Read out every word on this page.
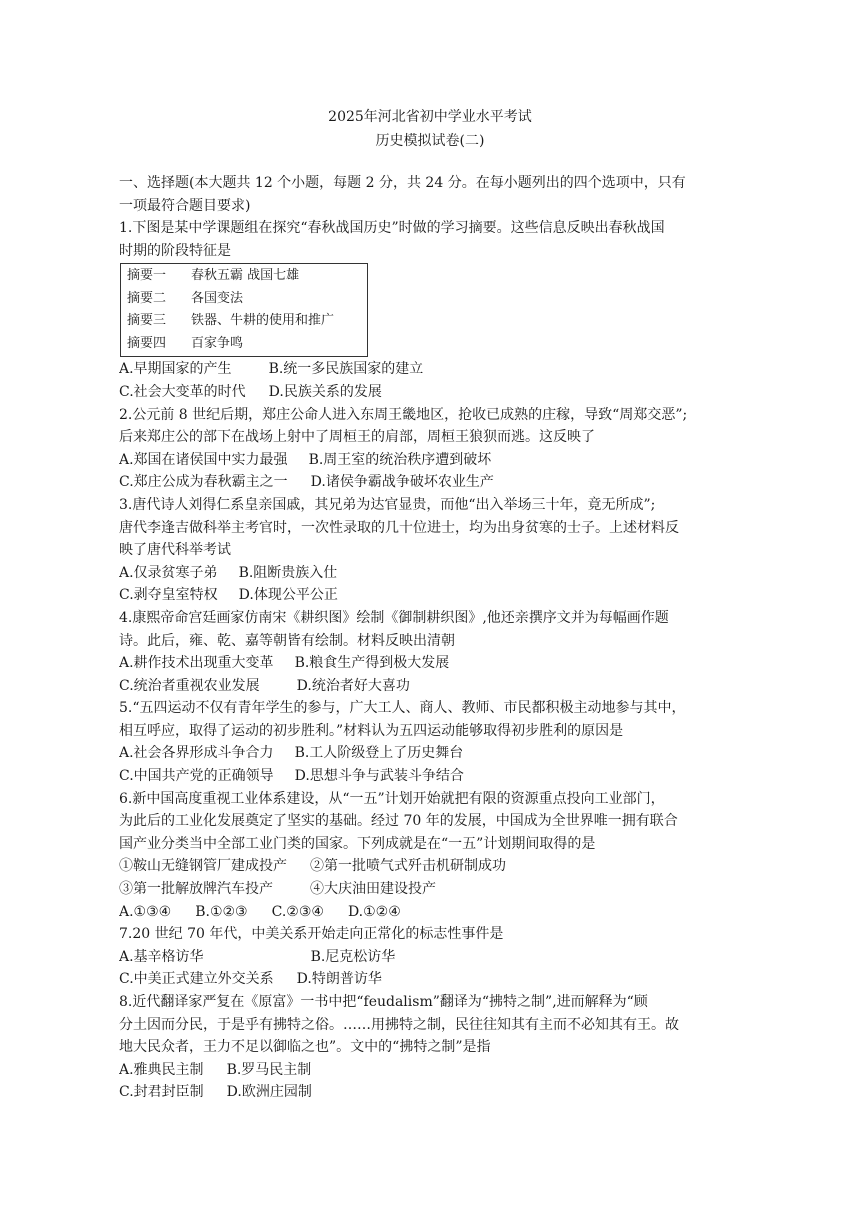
2025年河北省初中学业水平考试
历史模拟试卷(二)
一、选择题(本大题共 12 个小题，每题 2 分，共 24 分。在每小题列出的四个选项中，只有
一项最符合题目要求)
1.下图是某中学课题组在探究“春秋战国历史”时做的学习摘要。这些信息反映出春秋战国
时期的阶段特征是
摘要一 春秋五霸 战国七雄
摘要二 各国变法
摘要三 铁器、牛耕的使用和推广
摘要四 百家争鸣
A.早期国家的产生	B.统一多民族国家的建立
C.社会大变革的时代 D.民族关系的发展
2.公元前 8 世纪后期，郑庄公命人进入东周王畿地区，抢收已成熟的庄稼，导致“周郑交恶”;
后来郑庄公的部下在战场上射中了周桓王的肩部，周桓王狼狈而逃。这反映了
A.郑国在诸侯国中实力最强 B.周王室的统治秩序遭到破坏
C.郑庄公成为春秋霸主之一 D.诸侯争霸战争破坏农业生产
3.唐代诗人刘得仁系皇亲国戚，其兄弟为达官显贵，而他“出入举场三十年，竟无所成”;
唐代李逢吉做科举主考官时，一次性录取的几十位进士，均为出身贫寒的士子。上述材料反
映了唐代科举考试
A.仅录贫寒子弟 B.阻断贵族入仕
C.剥夺皇室特权 D.体现公平公正
4.康熙帝命宫廷画家仿南宋《耕织图》绘制《御制耕织图》,他还亲撰序文并为每幅画作题
诗。此后，雍、乾、嘉等朝皆有绘制。材料反映出清朝
A.耕作技术出现重大变革 B.粮食生产得到极大发展
C.统治者重视农业发展	D.统治者好大喜功
5.“五四运动不仅有青年学生的参与，广大工人、商人、教师、市民都积极主动地参与其中，
相互呼应，取得了运动的初步胜利。”材料认为五四运动能够取得初步胜利的原因是
A.社会各界形成斗争合力 B.工人阶级登上了历史舞台
C.中国共产党的正确领导 D.思想斗争与武装斗争结合
6.新中国高度重视工业体系建设，从“一五”计划开始就把有限的资源重点投向工业部门，
为此后的工业化发展奠定了坚实的基础。经过 70 年的发展，中国成为全世界唯一拥有联合
国产业分类当中全部工业门类的国家。下列成就是在“一五”计划期间取得的是
①鞍山无缝钢管厂建成投产 ②第一批喷气式歼击机研制成功
③第一批解放牌汽车投产	④大庆油田建设投产
A.①③④ B.①②③ C.②③④ D.①②④
7.20 世纪 70 年代，中美关系开始走向正常化的标志性事件是
A.基辛格访华	B.尼克松访华
C.中美正式建立外交关系 D.特朗普访华
8.近代翻译家严复在《原富》一书中把“feudalism”翻译为“拂特之制”,进而解释为“顾
分土因而分民，于是乎有拂特之俗。……用拂特之制，民往往知其有主而不必知其有王。故
地大民众者，王力不足以御临之也”。文中的“拂特之制”是指
A.雅典民主制 B.罗马民主制
C.封君封臣制 D.欧洲庄园制
